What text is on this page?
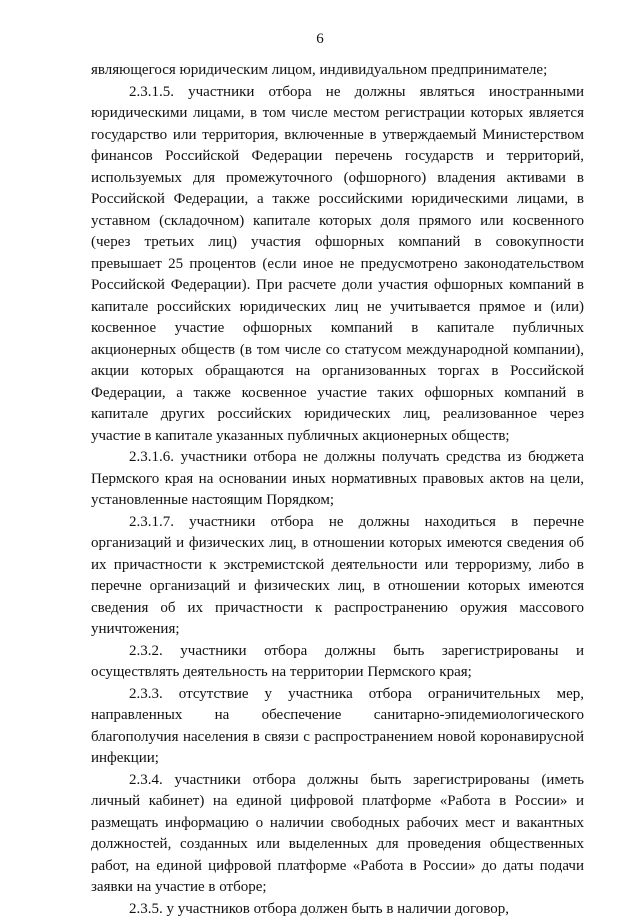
6

являющегося юридическим лицом, индивидуальном предпринимателе;

2.3.1.5. участники отбора не должны являться иностранными юридическими лицами, в том числе местом регистрации которых является государство или территория, включенные в утверждаемый Министерством финансов Российской Федерации перечень государств и территорий, используемых для промежуточного (офшорного) владения активами в Российской Федерации, а также российскими юридическими лицами, в уставном (складочном) капитале которых доля прямого или косвенного (через третьих лиц) участия офшорных компаний в совокупности превышает 25 процентов (если иное не предусмотрено законодательством Российской Федерации). При расчете доли участия офшорных компаний в капитале российских юридических лиц не учитывается прямое и (или) косвенное участие офшорных компаний в капитале публичных акционерных обществ (в том числе со статусом международной компании), акции которых обращаются на организованных торгах в Российской Федерации, а также косвенное участие таких офшорных компаний в капитале других российских юридических лиц, реализованное через участие в капитале указанных публичных акционерных обществ;

2.3.1.6. участники отбора не должны получать средства из бюджета Пермского края на основании иных нормативных правовых актов на цели, установленные настоящим Порядком;

2.3.1.7. участники отбора не должны находиться в перечне организаций и физических лиц, в отношении которых имеются сведения об их причастности к экстремистской деятельности или терроризму, либо в перечне организаций и физических лиц, в отношении которых имеются сведения об их причастности к распространению оружия массового уничтожения;

2.3.2. участники отбора должны быть зарегистрированы и осуществлять деятельность на территории Пермского края;

2.3.3. отсутствие у участника отбора ограничительных мер, направленных на обеспечение санитарно-эпидемиологического благополучия населения в связи с распространением новой коронавирусной инфекции;

2.3.4. участники отбора должны быть зарегистрированы (иметь личный кабинет) на единой цифровой платформе «Работа в России» и размещать информацию о наличии свободных рабочих мест и вакантных должностей, созданных или выделенных для проведения общественных работ, на единой цифровой платформе «Работа в России» до даты подачи заявки на участие в отборе;

2.3.5. у участников отбора должен быть в наличии договор,
